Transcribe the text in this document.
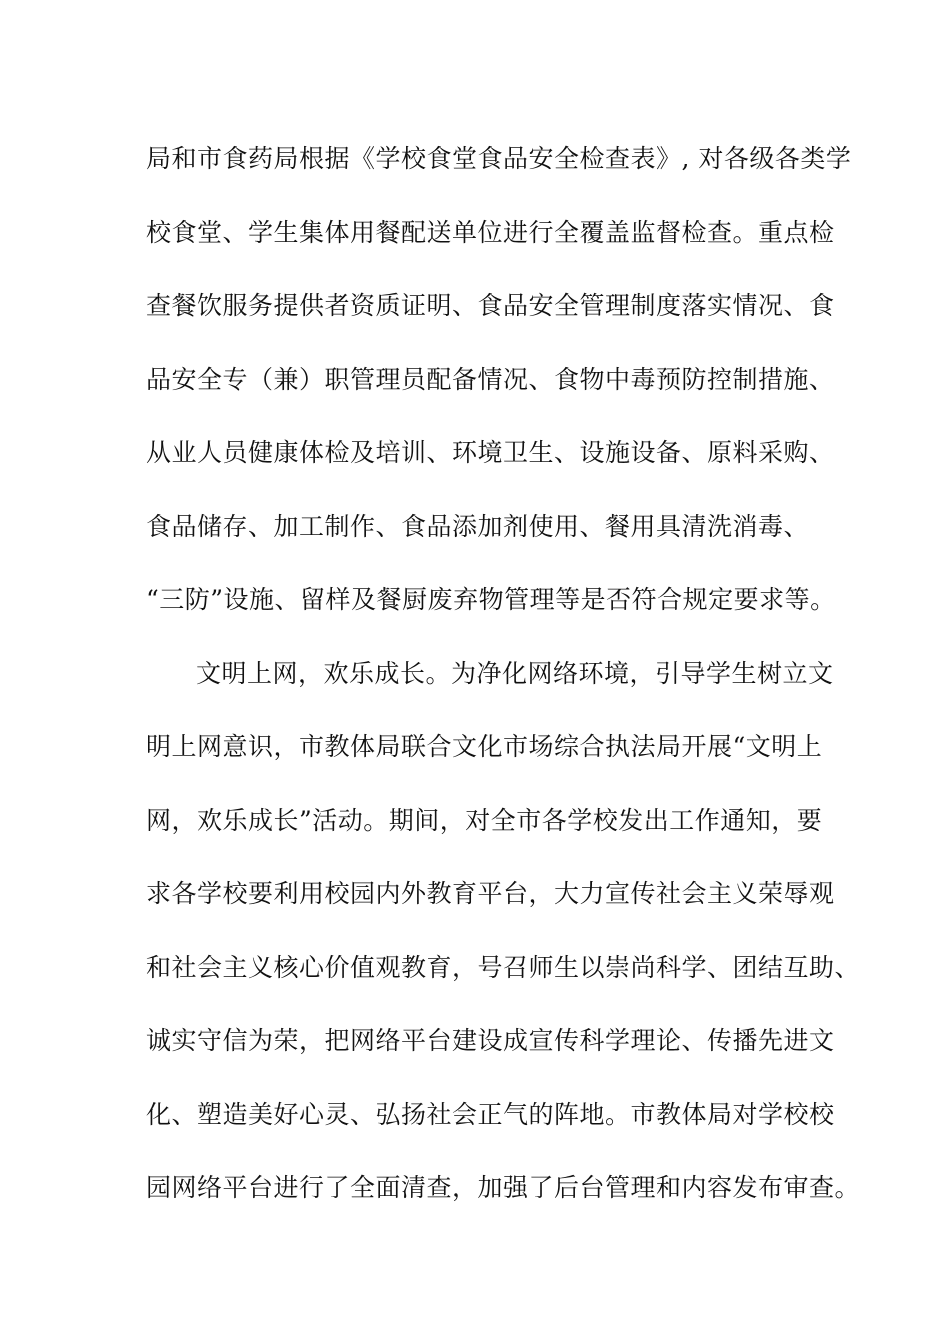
局和市食药局根据《学校食堂食品安全检查表》, 对各级各类学
校食堂、学生集体用餐配送单位进行全覆盖监督检查。重点检
查餐饮服务提供者资质证明、食品安全管理制度落实情况、食
品安全专（兼）职管理员配备情况、食物中毒预防控制措施、
从业人员健康体检及培训、环境卫生、设施设备、原料采购、
食品储存、加工制作、食品添加剂使用、餐用具清洗消毒、
“三防”设施、留样及餐厨废弃物管理等是否符合规定要求等。
文明上网，欢乐成长。为净化网络环境，引导学生树立文
明上网意识，市教体局联合文化市场综合执法局开展“文明上
网，欢乐成长”活动。期间，对全市各学校发出工作通知，要
求各学校要利用校园内外教育平台，大力宣传社会主义荣辱观
和社会主义核心价值观教育，号召师生以崇尚科学、团结互助、
诚实守信为荣，把网络平台建设成宣传科学理论、传播先进文
化、塑造美好心灵、弘扬社会正气的阵地。市教体局对学校校
园网络平台进行了全面清查，加强了后台管理和内容发布审查。
